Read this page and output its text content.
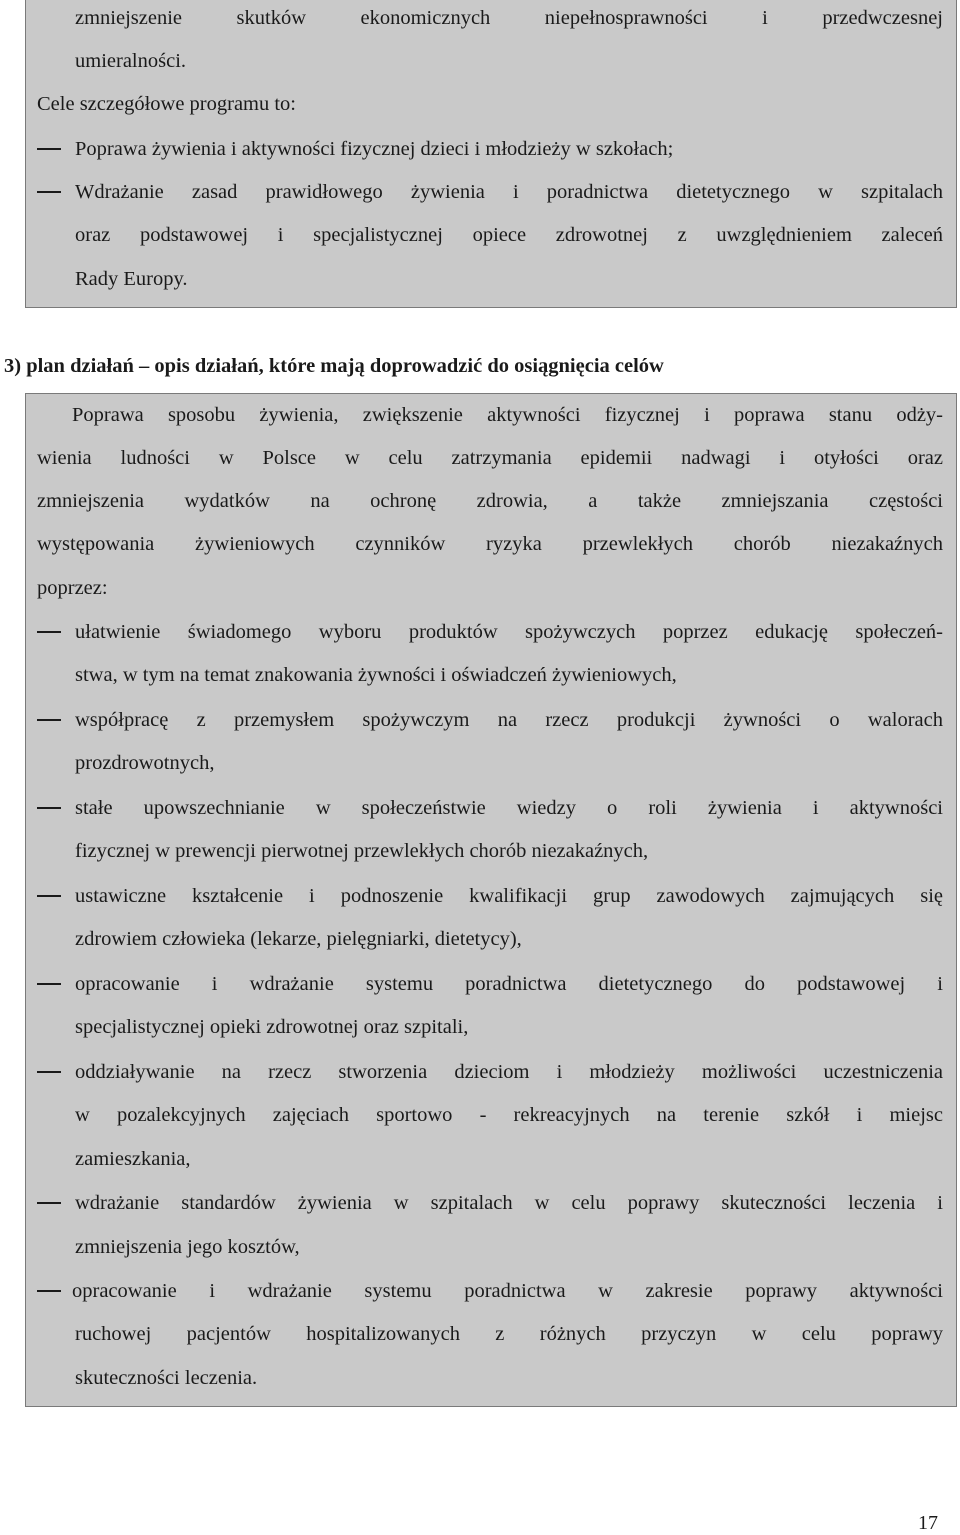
zmniejszenie skutków ekonomicznych niepełnosprawności i przedwczesnej
umieralności.
Cele szczegółowe programu to:
Poprawa żywienia i aktywności fizycznej dzieci i młodzieży w szkołach;
Wdrażanie zasad prawidłowego żywienia i poradnictwa dietetycznego w szpitalach
oraz podstawowej i specjalistycznej opiece zdrowotnej z uwzględnieniem zaleceń
Rady Europy.
3) plan działań – opis działań, które mają doprowadzić do osiągnięcia celów
Poprawa sposobu żywienia, zwiększenie aktywności fizycznej i poprawa stanu odży-
wienia ludności w Polsce w celu zatrzymania epidemii nadwagi i otyłości oraz
zmniejszenia wydatków na ochronę zdrowia, a także zmniejszania częstości
występowania żywieniowych czynników ryzyka przewlekłych chorób niezakaźnych
poprzez:
ułatwienie świadomego wyboru produktów spożywczych poprzez edukację społeczeń-
stwa, w tym na temat znakowania żywności i oświadczeń żywieniowych,
współpracę z przemysłem spożywczym na rzecz produkcji żywności o walorach
prozdrowotnych,
stałe upowszechnianie w społeczeństwie wiedzy o roli żywienia i aktywności
fizycznej w prewencji pierwotnej przewlekłych chorób niezakaźnych,
ustawiczne kształcenie i podnoszenie kwalifikacji grup zawodowych zajmujących się
zdrowiem człowieka (lekarze, pielęgniarki, dietetycy),
opracowanie i wdrażanie systemu poradnictwa dietetycznego do podstawowej i
specjalistycznej opieki zdrowotnej oraz szpitali,
oddziaływanie na rzecz stworzenia dzieciom i młodzieży możliwości uczestniczenia
w pozalekcyjnych zajęciach sportowo - rekreacyjnych na terenie szkół i miejsc
zamieszkania,
wdrażanie standardów żywienia w szpitalach w celu poprawy skuteczności leczenia i
zmniejszenia jego kosztów,
opracowanie i wdrażanie systemu poradnictwa w zakresie poprawy aktywności
ruchowej pacjentów hospitalizowanych z różnych przyczyn w celu poprawy
skuteczności leczenia.
17
